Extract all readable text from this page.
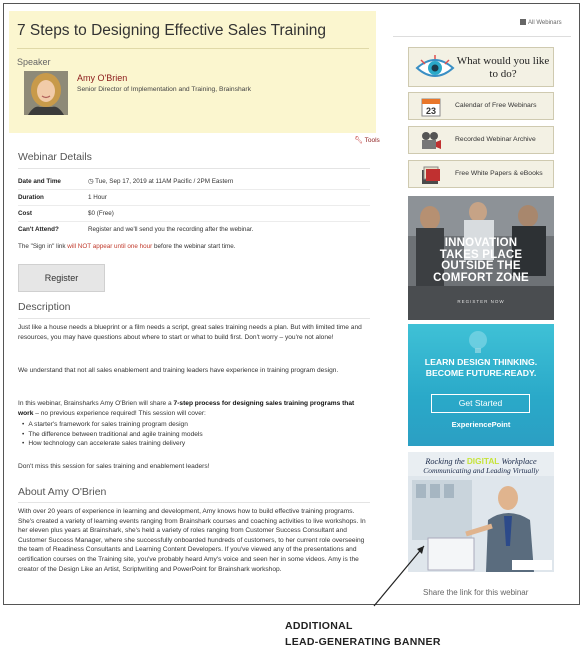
7 Steps to Designing Effective Sales Training
Speaker
Amy O'Brien
Senior Director of Implementation and Training, Brainshark
🔧︎ Tools
Webinar Details
Date and Time	◷ Tue, Sep 17, 2019 at 11AM Pacific / 2PM Eastern
Duration	1 Hour
Cost	$0 (Free)
Can't Attend?	Register and we'll send you the recording after the webinar.
The "Sign in" link will NOT appear until one hour before the webinar start time.
Register
Description
Just like a house needs a blueprint or a film needs a script, great sales training needs a plan. But with limited time and resources, you may have questions about where to start or what to build first. Don't worry – you're not alone!
We understand that not all sales enablement and training leaders have experience in training program design.
In this webinar, Brainsharks Amy O'Brien will share a 7-step process for designing sales training programs that work – no previous experience required! This session will cover:
• A starter's framework for sales training program design
• The difference between traditional and agile training models
• How technology can accelerate sales training delivery
Don't miss this session for sales training and enablement leaders!
About Amy O'Brien
With over 20 years of experience in learning and development, Amy knows how to build effective training programs. She's created a variety of learning events ranging from Brainshark courses and coaching activities to live workshops. In her eleven plus years at Brainshark, she's held a variety of roles ranging from Customer Success Consultant and Customer Success Manager, where she successfully onboarded hundreds of customers, to her current role overseeing the team of Readiness Consultants and Learning Content Developers. If you've viewed any of the presentations and certification courses on the Training site, you've probably heard Amy's voice and seen her in some videos. Amy is the creator of the Design Like an Artist, Scriptwriting and PowerPoint for Brainshark workshop.
All Webinars
What would you like to do?
23
Calendar of Free Webinars
Recorded Webinar Archive
Free White Papers & eBooks
INNOVATION
TAKES PLACE
OUTSIDE THE
COMFORT ZONE
REGISTER NOW
LEARN DESIGN THINKING.
BECOME FUTURE-READY.
Get Started
ExperiencePoint
Rocking the DIGITAL Workplace
Communicating and Leading Virtually
Share the link for this webinar
ADDITIONAL
LEAD-GENERATING BANNER
